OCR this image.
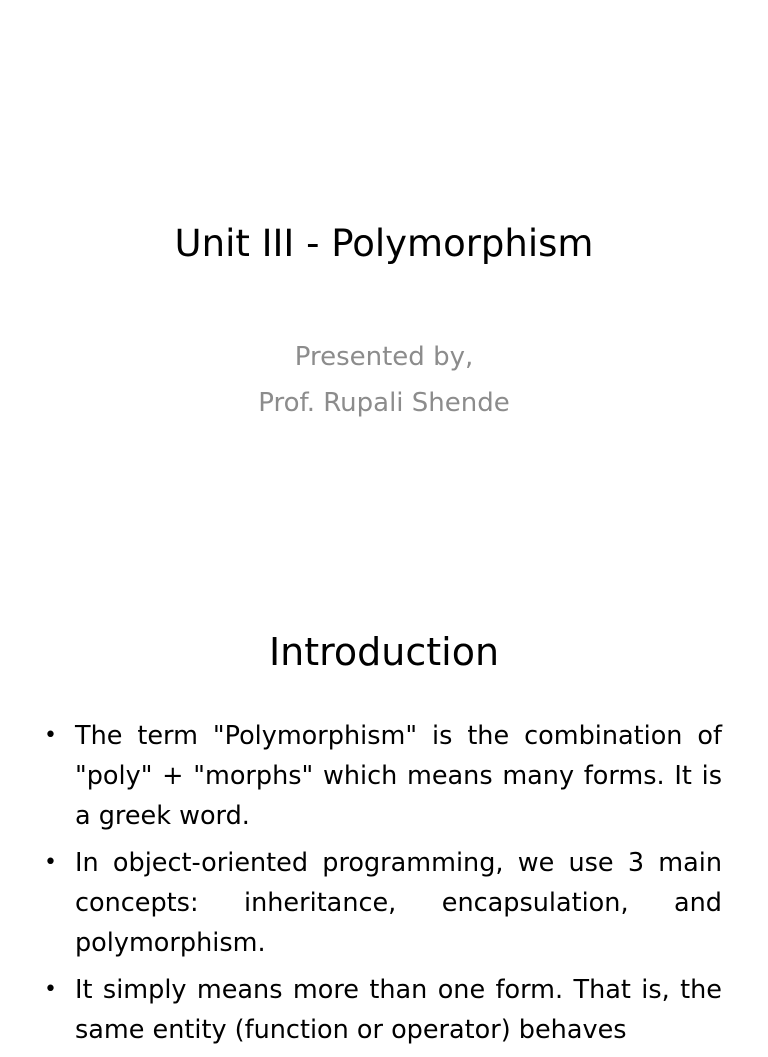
Unit III - Polymorphism
Presented by,
Prof. Rupali Shende
Introduction
• The term "Polymorphism" is the combination of "poly" + "morphs" which means many forms. It is a greek word.
• In object-oriented programming, we use 3 main concepts: inheritance, encapsulation, and polymorphism.
• It simply means more than one form. That is, the same entity (function or operator) behaves
